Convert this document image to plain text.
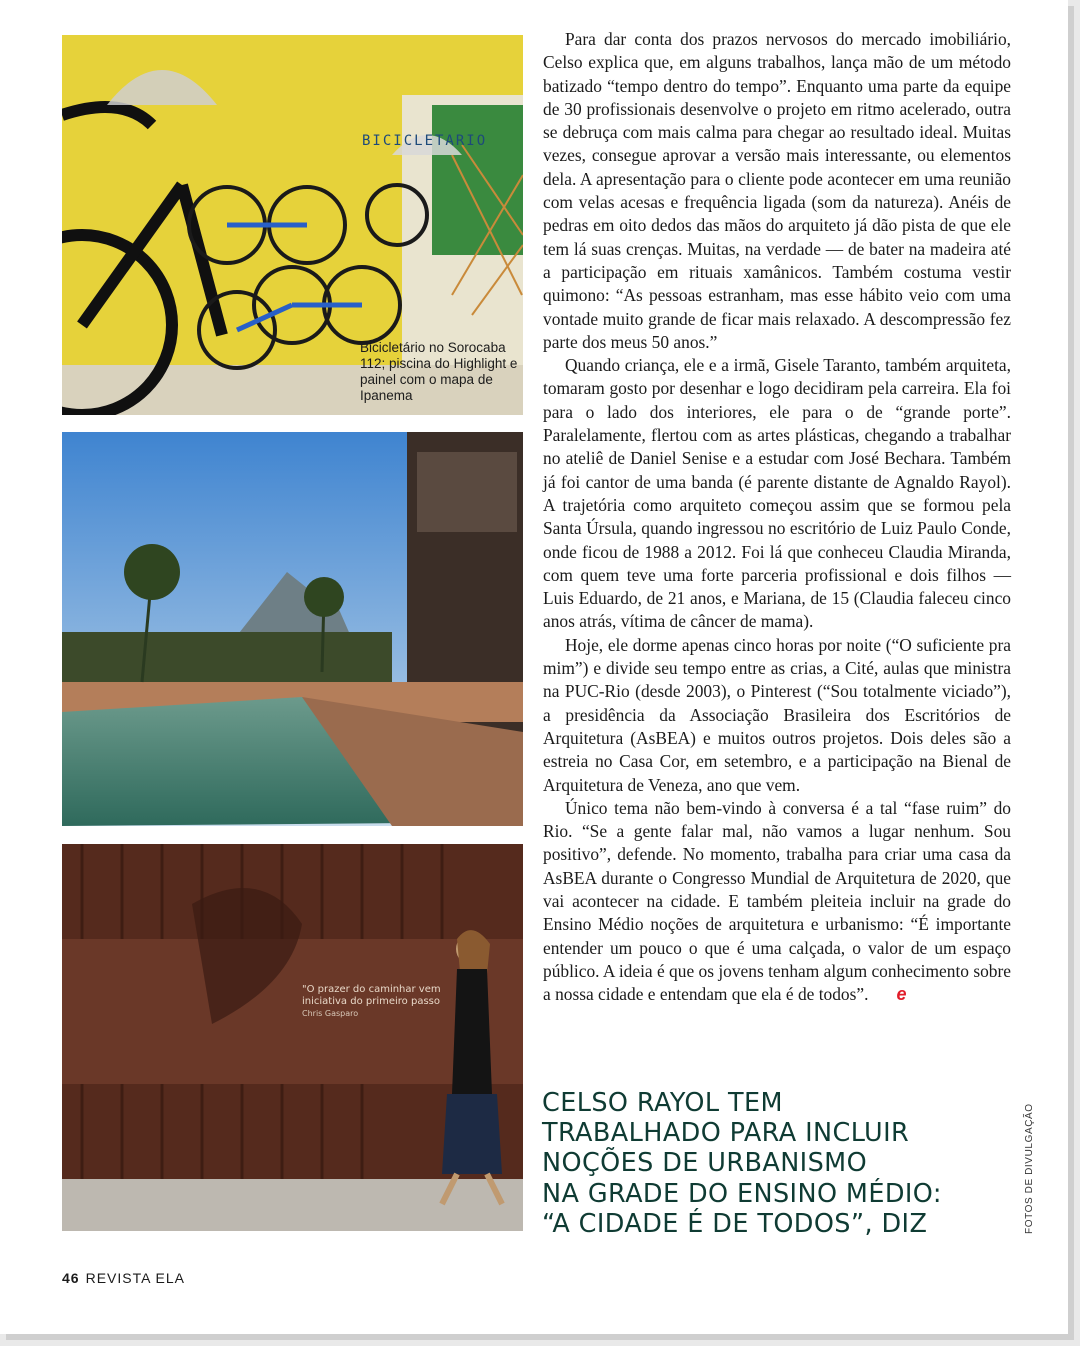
BICICLETARIO
Bicicletário no Sorocaba 112; piscina do Highlight e painel com o mapa de Ipanema
"O prazer do caminhar vem
iniciativa do primeiro passo
Chris Gasparo

Para dar conta dos prazos nervosos do mercado imobiliário, Celso explica que, em alguns trabalhos, lança mão de um método batizado “tempo dentro do tempo”. Enquanto uma parte da equipe de 30 profissionais desenvolve o projeto em ritmo acelerado, outra se debruça com mais calma para chegar ao resultado ideal. Muitas vezes, consegue aprovar a versão mais interessante, ou elementos dela. A apresentação para o cliente pode acontecer em uma reunião com velas acesas e frequência ligada (som da natureza). Anéis de pedras em oito dedos das mãos do arquiteto já dão pista de que ele tem lá suas crenças. Muitas, na verdade — de bater na madeira até a participação em rituais xamânicos. Também costuma vestir quimono: “As pessoas estranham, mas esse hábito veio com uma vontade muito grande de ficar mais relaxado. A descompressão fez parte dos meus 50 anos.”

Quando criança, ele e a irmã, Gisele Taranto, também arquiteta, tomaram gosto por desenhar e logo decidiram pela carreira. Ela foi para o lado dos interiores, ele para o de “grande porte”. Paralelamente, flertou com as artes plásticas, chegando a trabalhar no ateliê de Daniel Senise e a estudar com José Bechara. Também já foi cantor de uma banda (é parente distante de Agnaldo Rayol). A trajetória como arquiteto começou assim que se formou pela Santa Úrsula, quando ingressou no escritório de Luiz Paulo Conde, onde ficou de 1988 a 2012. Foi lá que conheceu Claudia Miranda, com quem teve uma forte parceria profissional e dois filhos — Luis Eduardo, de 21 anos, e Mariana, de 15 (Claudia faleceu cinco anos atrás, vítima de câncer de mama).

Hoje, ele dorme apenas cinco horas por noite (“O suficiente pra mim”) e divide seu tempo entre as crias, a Cité, aulas que ministra na PUC-Rio (desde 2003), o Pinterest (“Sou totalmente viciado”), a presidência da Associação Brasileira dos Escritórios de Arquitetura (AsBEA) e muitos outros projetos. Dois deles são a estreia no Casa Cor, em setembro, e a participação na Bienal de Arquitetura de Veneza, ano que vem.

Único tema não bem-vindo à conversa é a tal “fase ruim” do Rio. “Se a gente falar mal, não vamos a lugar nenhum. Sou positivo”, defende. No momento, trabalha para criar uma casa da AsBEA durante o Congresso Mundial de Arquitetura de 2020, que vai acontecer na cidade. E também pleiteia incluir na grade do Ensino Médio noções de arquitetura e urbanismo: “É importante entender um pouco o que é uma calçada, o valor de um espaço público. A ideia é que os jovens tenham algum conhecimento sobre a nossa cidade e entendam que ela é de todos”. e

CELSO RAYOL TEM
TRABALHADO PARA INCLUIR
NOÇÕES DE URBANISMO
NA GRADE DO ENSINO MÉDIO:
“A CIDADE É DE TODOS”, DIZ	FOTOS DE DIVULGAÇÃO
46 REVISTA ELA
